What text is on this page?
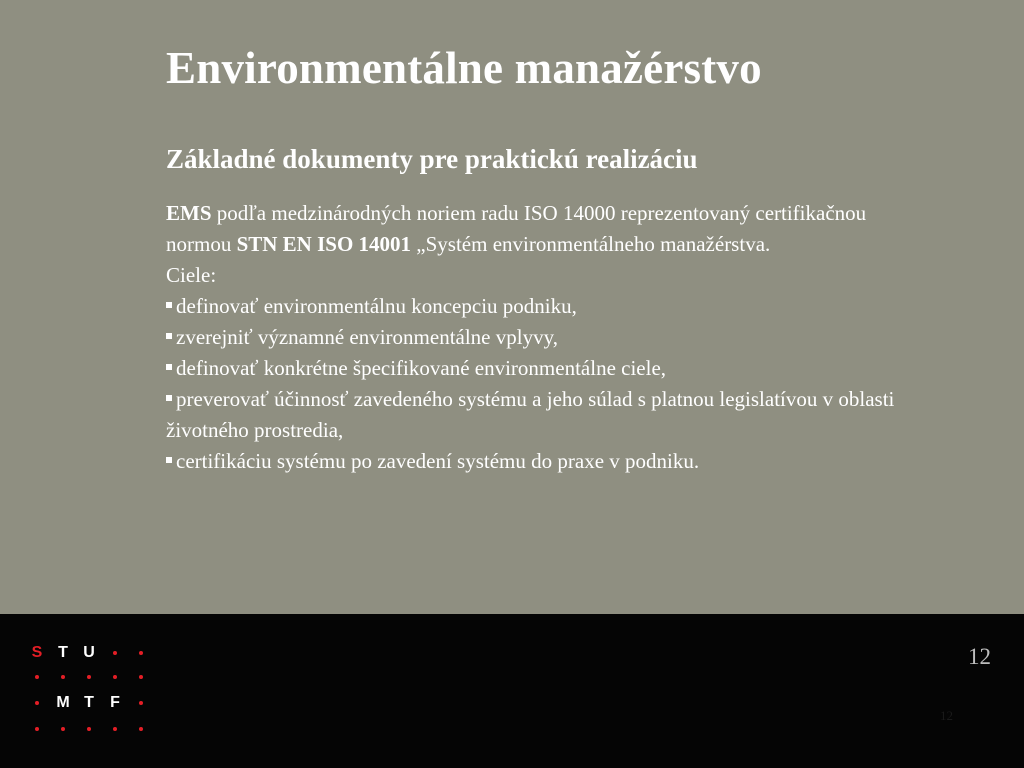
Environmentálne manažérstvo
Základné dokumenty pre praktickú realizáciu

EMS podľa medzinárodných noriem radu ISO 14000 reprezentovaný certifikačnou normou STN EN ISO 14001 „Systém environmentálneho manažérstva.

Ciele:

definovať environmentálnu koncepciu podniku,

zverejniť významné environmentálne vplyvy,

definovať konkrétne špecifikované environmentálne ciele,

preverovať účinnosť zavedeného systému a jeho súlad s platnou legislatívou v oblasti životného prostredia,

certifikáciu systému po zavedení systému do praxe v podniku.

S T U
M T	F
12
12
